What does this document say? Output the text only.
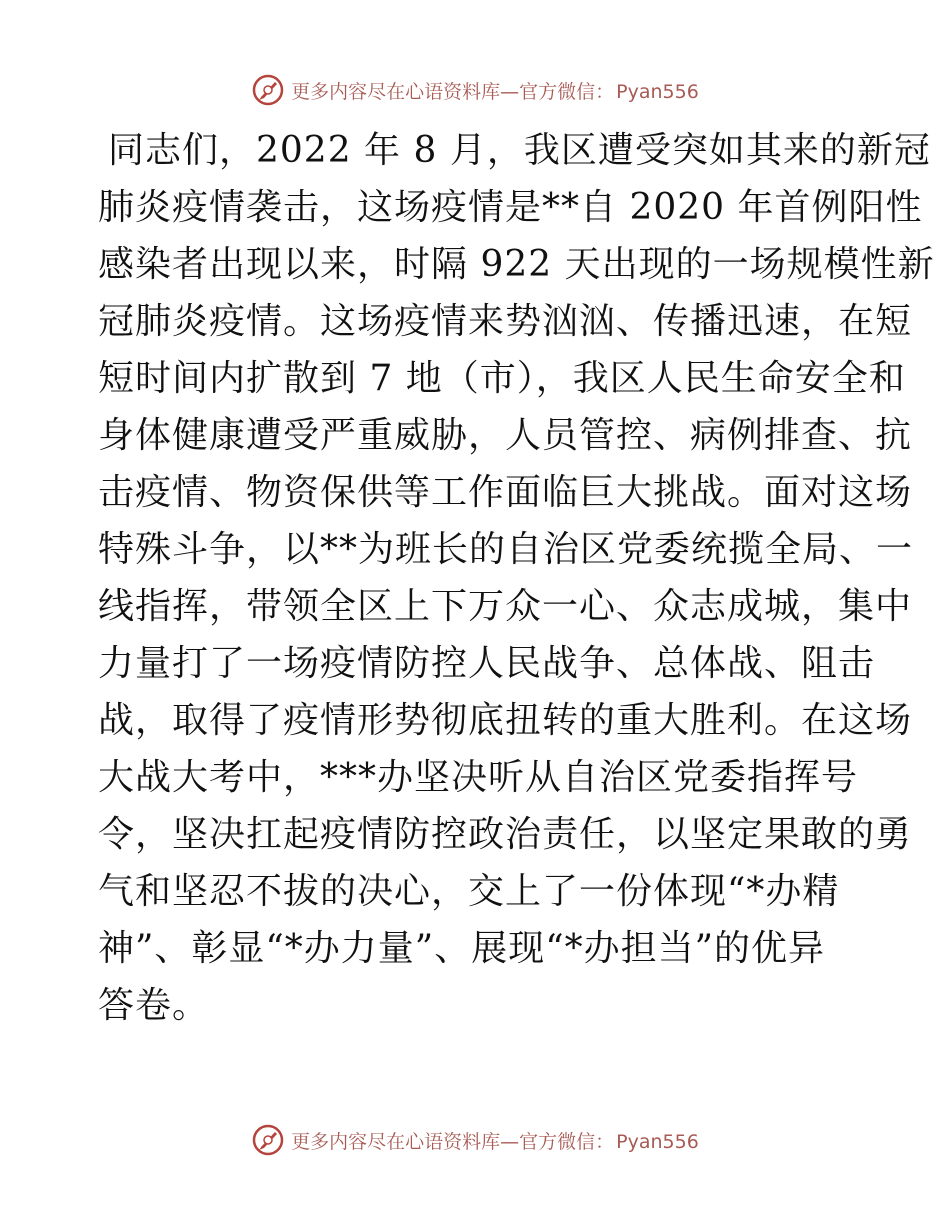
更多内容尽在心语资料库—官方微信： Pyan556
同志们，2022 年 8 月，我区遭受突如其来的新冠
肺炎疫情袭击，这场疫情是**自 2020 年首例阳性
感染者出现以来，时隔 922 天出现的一场规模性新
冠肺炎疫情。这场疫情来势汹汹、传播迅速，在短
短时间内扩散到 7 地（市），我区人民生命安全和
身体健康遭受严重威胁，人员管控、病例排查、抗
击疫情、物资保供等工作面临巨大挑战。面对这场
特殊斗争，以**为班长的自治区党委统揽全局、一
线指挥，带领全区上下万众一心、众志成城，集中
力量打了一场疫情防控人民战争、总体战、阻击
战，取得了疫情形势彻底扭转的重大胜利。在这场
大战大考中，***办坚决听从自治区党委指挥号
令，坚决扛起疫情防控政治责任，以坚定果敢的勇
气和坚忍不拔的决心，交上了一份体现“*办精
神”、彰显“*办力量”、展现“*办担当”的优异
答卷。
更多内容尽在心语资料库—官方微信： Pyan556
